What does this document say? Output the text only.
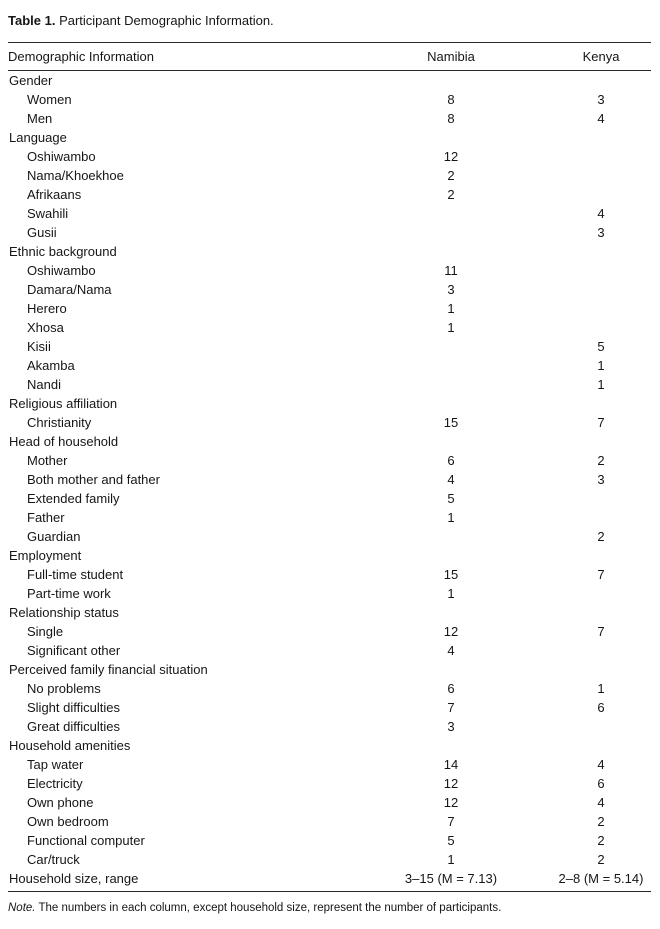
Table 1. Participant Demographic Information.

Demographic Information	Namibia	Kenya
Gender		
Women	8	3
Men	8	4
Language		
Oshiwambo	12	
Nama/Khoekhoe	2	
Afrikaans	2	
Swahili		4
Gusii		3
Ethnic background		
Oshiwambo	11	
Damara/Nama	3	
Herero	1	
Xhosa	1	
Kisii		5
Akamba		1
Nandi		1
Religious affiliation		
Christianity	15	7
Head of household		
Mother	6	2
Both mother and father	4	3
Extended family	5	
Father	1	
Guardian		2
Employment		
Full-time student	15	7
Part-time work	1	
Relationship status		
Single	12	7
Significant other	4	
Perceived family financial situation		
No problems	6	1
Slight difficulties	7	6
Great difficulties	3	
Household amenities		
Tap water	14	4
Electricity	12	6
Own phone	12	4
Own bedroom	7	2
Functional computer	5	2
Car/truck	1	2
Household size, range	3–15 (M = 7.13)	2–8 (M = 5.14)

Note. The numbers in each column, except household size, represent the number of participants.
